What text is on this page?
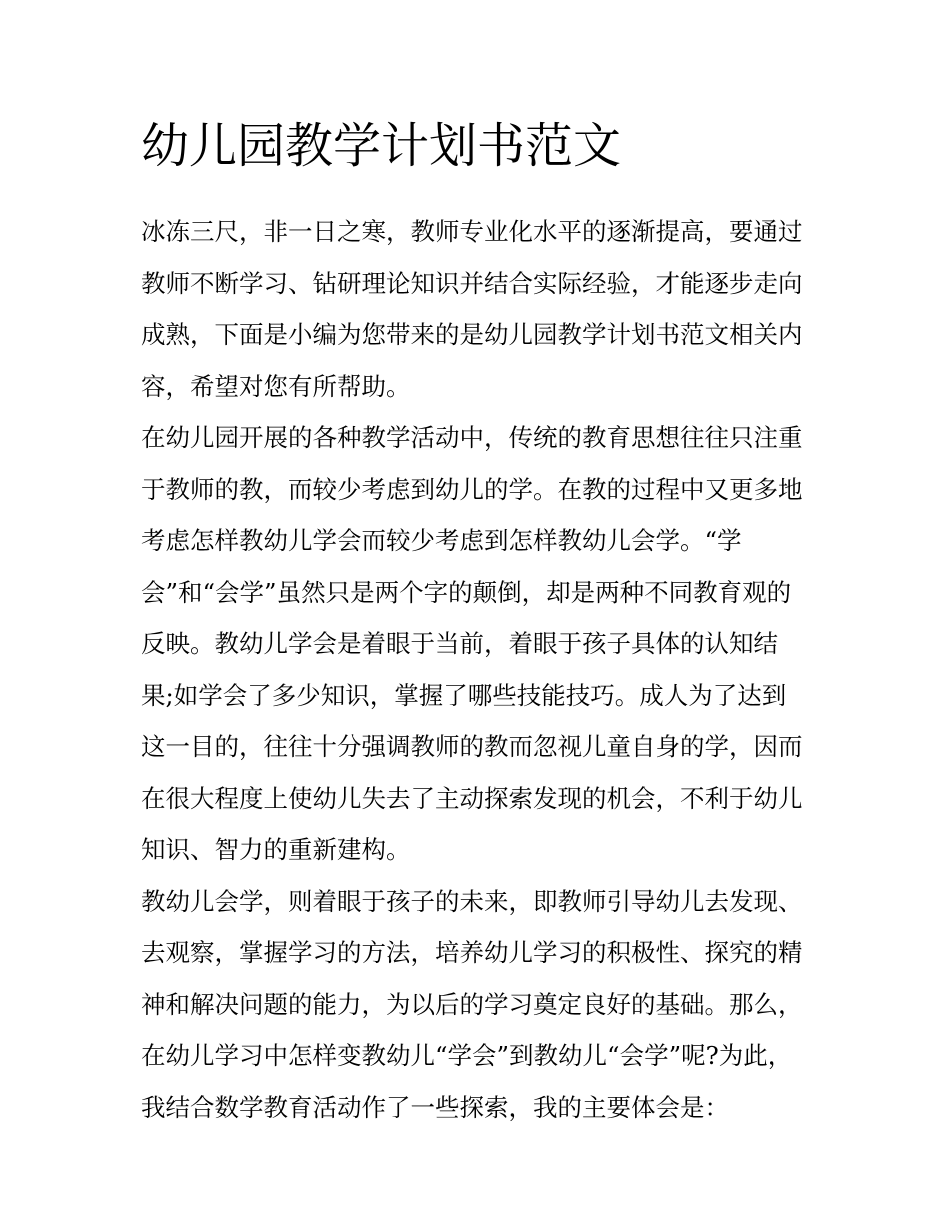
幼儿园教学计划书范文
冰冻三尺，非一日之寒，教师专业化水平的逐渐提高，要通过
教师不断学习、钻研理论知识并结合实际经验，才能逐步走向
成熟，下面是小编为您带来的是幼儿园教学计划书范文相关内
容，希望对您有所帮助。
在幼儿园开展的各种教学活动中，传统的教育思想往往只注重
于教师的教，而较少考虑到幼儿的学。在教的过程中又更多地
考虑怎样教幼儿学会而较少考虑到怎样教幼儿会学。“学
会”和“会学”虽然只是两个字的颠倒，却是两种不同教育观的
反映。教幼儿学会是着眼于当前，着眼于孩子具体的认知结
果;如学会了多少知识，掌握了哪些技能技巧。成人为了达到
这一目的，往往十分强调教师的教而忽视儿童自身的学，因而
在很大程度上使幼儿失去了主动探索发现的机会，不利于幼儿
知识、智力的重新建构。
教幼儿会学，则着眼于孩子的未来，即教师引导幼儿去发现、
去观察，掌握学习的方法，培养幼儿学习的积极性、探究的精
神和解决问题的能力，为以后的学习奠定良好的基础。那么，
在幼儿学习中怎样变教幼儿“学会”到教幼儿“会学”呢?为此，
我结合数学教育活动作了一些探索，我的主要体会是：
